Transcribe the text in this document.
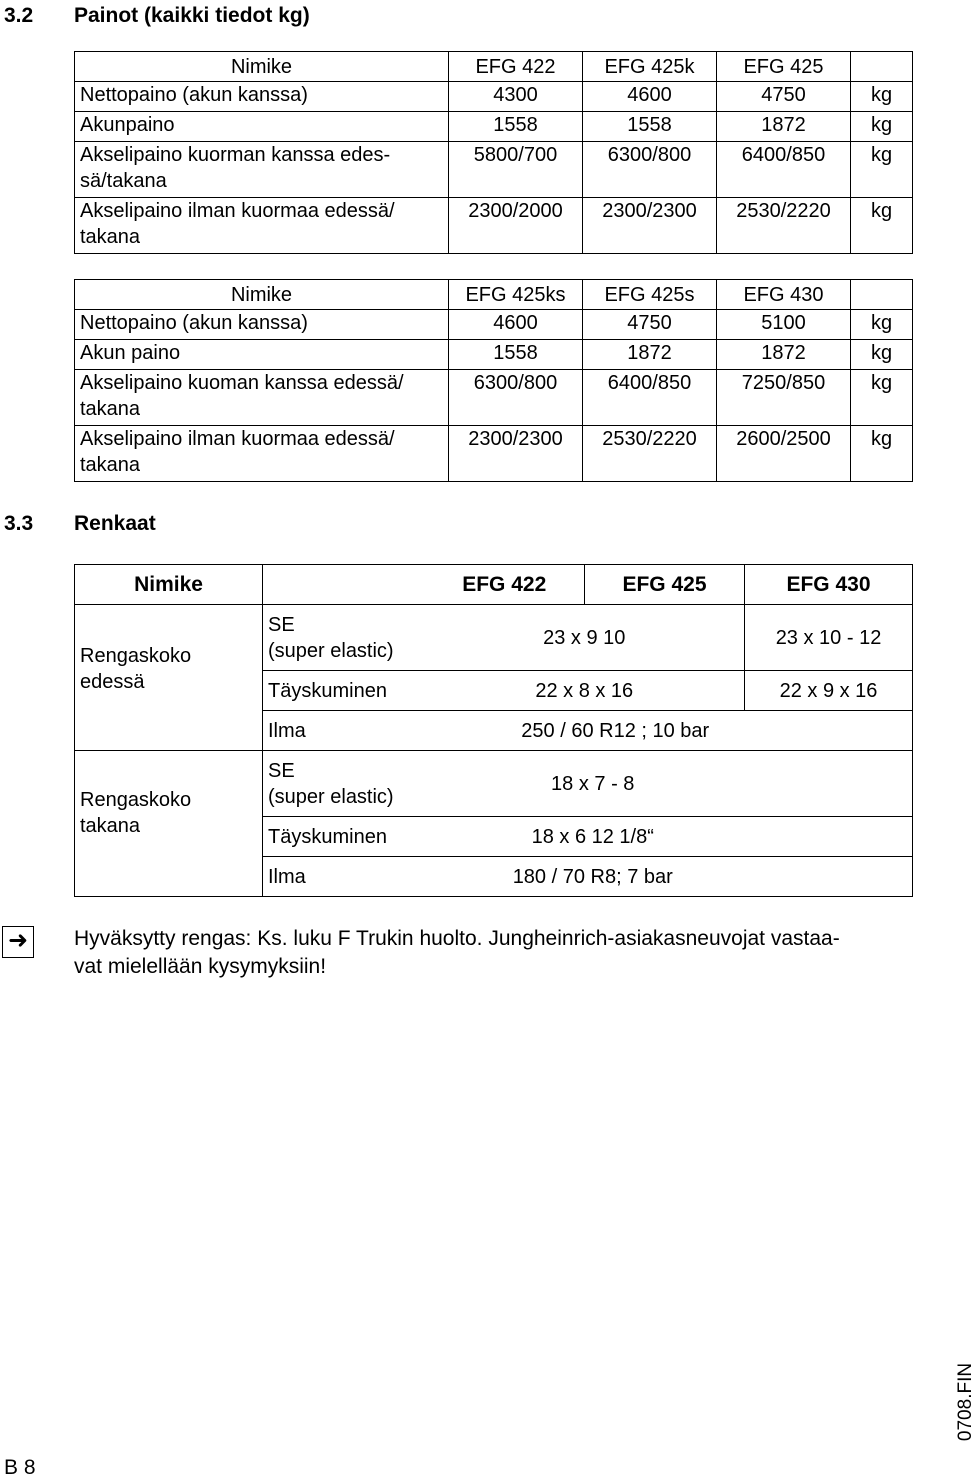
3.2 Painot (kaikki tiedot kg)
Nimike	EFG 422	EFG 425k	EFG 425	
Nettopaino (akun kanssa)	4300	4600	4750	kg
Akunpaino	1558	1558	1872	kg
Akselipaino kuorman kanssa edes-
sä/takana	5800/700	6300/800	6400/850	kg
Akselipaino ilman kuormaa edessä/
takana	2300/2000	2300/2300	2530/2220	kg
Nimike	EFG 425ks	EFG 425s	EFG 430	
Nettopaino (akun kanssa)	4600	4750	5100	kg
Akun paino	1558	1872	1872	kg
Akselipaino kuoman kanssa edessä/
takana	6300/800	6400/850	7250/850	kg
Akselipaino ilman kuormaa edessä/
takana	2300/2300	2530/2220	2600/2500	kg
3.3 Renkaat
Nimike		EFG 422	EFG 425	EFG 430
Rengaskoko
edessä	SE
(super elastic)	23 x 9 10		23 x 10 - 12
	Täyskuminen	22 x 8 x 16		22 x 9 x 16
	Ilma	250 / 60 R12 ; 10 bar		
Rengaskoko
takana	SE
(super elastic)	18 x 7 - 8		
	Täyskuminen	18 x 6 12 1/8“		
	Ilma	180 / 70 R8; 7 bar		
➜ Hyväksytty rengas: Ks. luku F Trukin huolto. Jungheinrich-asiakasneuvojat vastaa-
vat mielellään kysymyksiin!
B 8
0708.FIN
